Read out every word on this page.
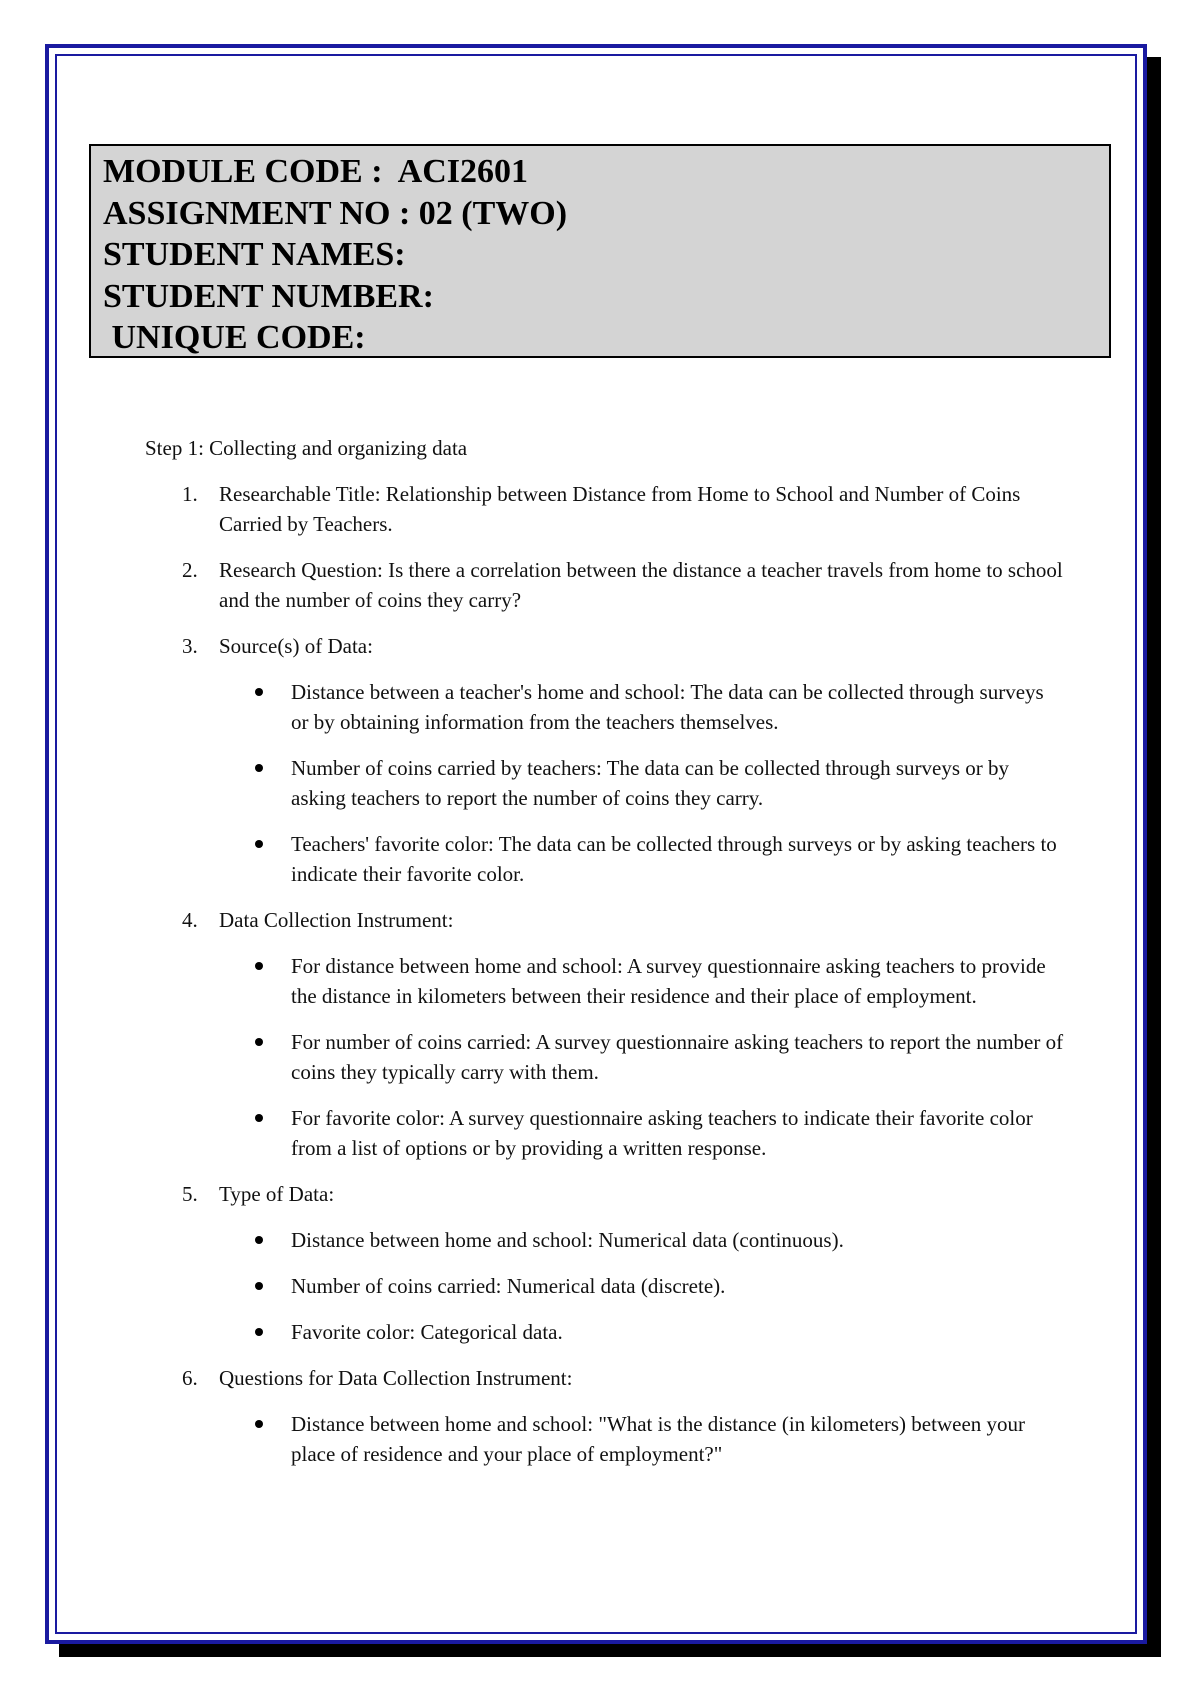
MODULE CODE :  ACI2601
ASSIGNMENT NO : 02 (TWO)
STUDENT NAMES:
STUDENT NUMBER:
UNIQUE CODE:

Step 1: Collecting and organizing data

1. Researchable Title: Relationship between Distance from Home to School and Number of Coins Carried by Teachers.
2. Research Question: Is there a correlation between the distance a teacher travels from home to school and the number of coins they carry?
3. Source(s) of Data:
Distance between a teacher's home and school: The data can be collected through surveys or by obtaining information from the teachers themselves.
Number of coins carried by teachers: The data can be collected through surveys or by asking teachers to report the number of coins they carry.
Teachers' favorite color: The data can be collected through surveys or by asking teachers to indicate their favorite color.
4. Data Collection Instrument:
For distance between home and school: A survey questionnaire asking teachers to provide the distance in kilometers between their residence and their place of employment.
For number of coins carried: A survey questionnaire asking teachers to report the number of coins they typically carry with them.
For favorite color: A survey questionnaire asking teachers to indicate their favorite color from a list of options or by providing a written response.
5. Type of Data:
Distance between home and school: Numerical data (continuous).
Number of coins carried: Numerical data (discrete).
Favorite color: Categorical data.
6. Questions for Data Collection Instrument:
Distance between home and school: "What is the distance (in kilometers) between your place of residence and your place of employment?"
